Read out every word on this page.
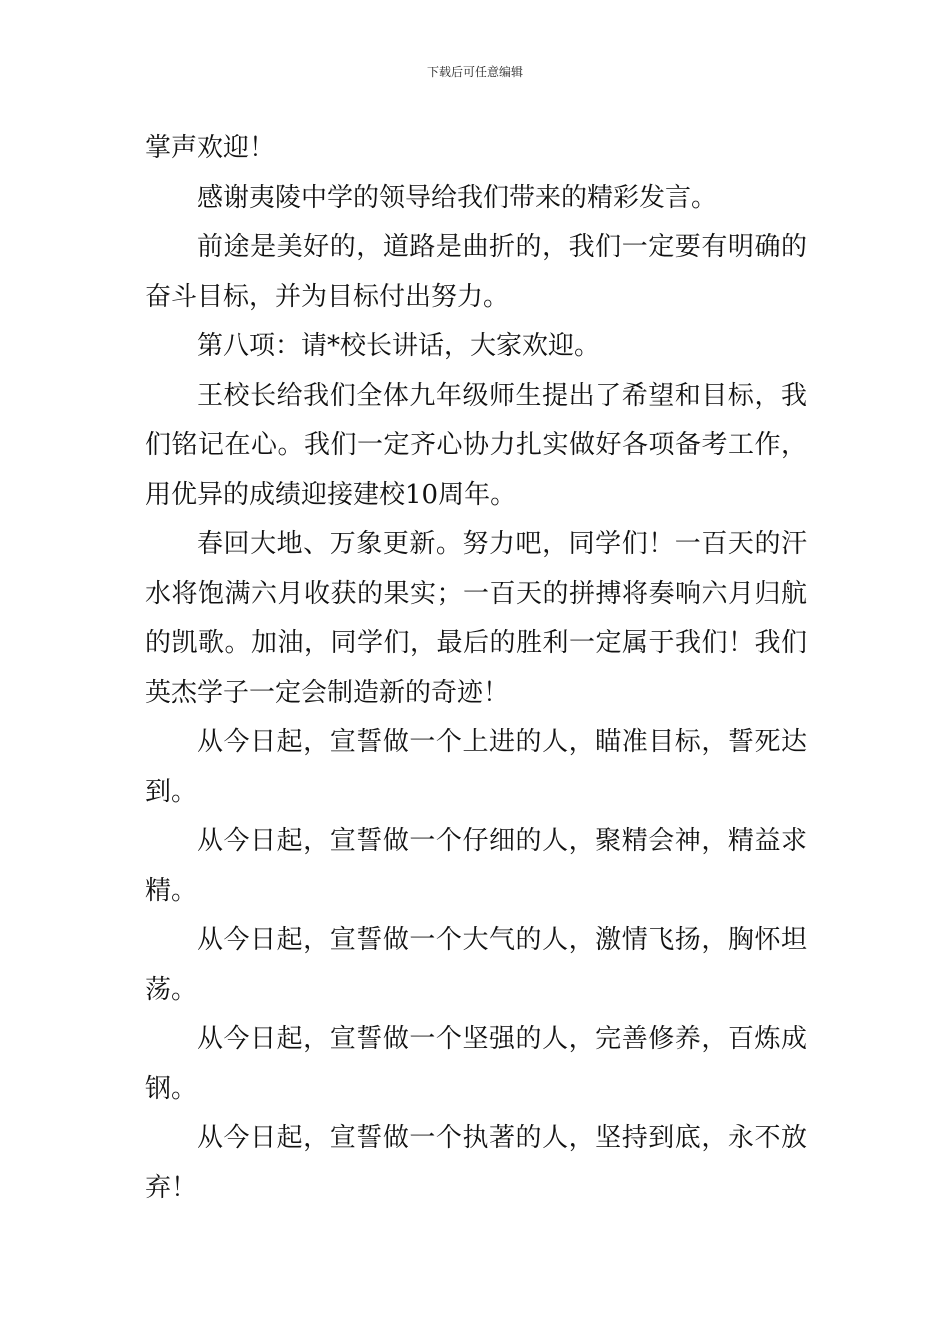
下载后可任意编辑

掌声欢迎！

感谢夷陵中学的领导给我们带来的精彩发言。

前途是美好的，道路是曲折的，我们一定要有明确的奋斗目标，并为目标付出努力。

第八项：请*校长讲话，大家欢迎。

王校长给我们全体九年级师生提出了希望和目标，我们铭记在心。我们一定齐心协力扎实做好各项备考工作，用优异的成绩迎接建校10周年。

春回大地、万象更新。努力吧，同学们！一百天的汗水将饱满六月收获的果实；一百天的拼搏将奏响六月归航的凯歌。加油，同学们，最后的胜利一定属于我们！我们英杰学子一定会制造新的奇迹！

从今日起，宣誓做一个上进的人，瞄准目标，誓死达到。

从今日起，宣誓做一个仔细的人，聚精会神，精益求精。

从今日起，宣誓做一个大气的人，激情飞扬，胸怀坦荡。

从今日起，宣誓做一个坚强的人，完善修养，百炼成钢。

从今日起，宣誓做一个执著的人，坚持到底，永不放弃！
